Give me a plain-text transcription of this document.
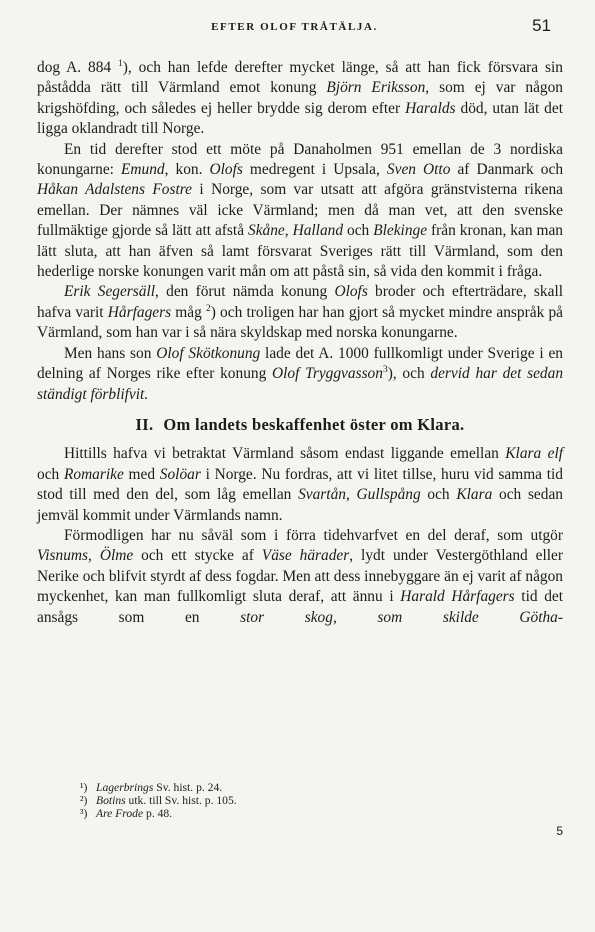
EFTER OLOF TRÅTÄLJA.	51

dog A. 884 $^1$), och han lefde derefter mycket länge, så att han fick försvara sin påstådda rätt till Värmland emot konung Björn Eriksson, som ej var någon krigshöfding, och således ej heller brydde sig derom efter Haralds död, utan lät det ligga oklandradt till Norge.

En tid derefter stod ett möte på Danaholmen 951 emellan de 3 nordiska konungarne: Emund, kon. Olofs medregent i Upsala, Sven Otto af Danmark och Håkan Adalstens Fostre i Norge, som var utsatt att afgöra gränstvisterna rikena emellan. Der nämnes väl icke Värmland; men då man vet, att den svenske fullmäktige gjorde så lätt att afstå Skåne, Halland och Blekinge från kronan, kan man lätt sluta, att han äfven så lamt försvarat Sveriges rätt till Värmland, som den hederlige norske konungen varit mån om att påstå sin, så vida den kommit i fråga.

Erik Segersäll, den förut nämda konung Olofs broder och efterträdare, skall hafva varit Hårfagers måg $^2$) och troligen har han gjort så mycket mindre anspråk på Värmland, som han var i så nära skyldskap med norska konungarne.

Men hans son Olof Skötkonung lade det A. 1000 fullkomligt under Sverige i en delning af Norges rike efter konung Olof Tryggvasson$^3$), och dervid har det sedan ständigt förblifvit.

II. Om landets beskaffenhet öster om Klara.

Hittills hafva vi betraktat Värmland såsom endast liggande emellan Klara elf och Romarike med Solöar i Norge. Nu fordras, att vi litet tillse, huru vid samma tid stod till med den del, som låg emellan Svartån, Gullspång och Klara och sedan jemväl kommit under Värmlands namn.

Förmodligen har nu såväl som i förra tidehvarfvet en del deraf, som utgör Visnums, Ölme och ett stycke af Väse härader, lydt under Vestergöthland eller Nerike och blifvit styrdt af dess fogdar. Men att dess innebyggare än ej varit af någon myckenhet, kan man fullkomligt sluta deraf, att ännu i Harald Hårfagers tid det ansågs som en stor skog, som skilde Götha-

¹) Lagerbrings Sv. hist. p. 24.
²) Botins utk. till Sv. hist. p. 105.
³) Are Frode p. 48.
5
